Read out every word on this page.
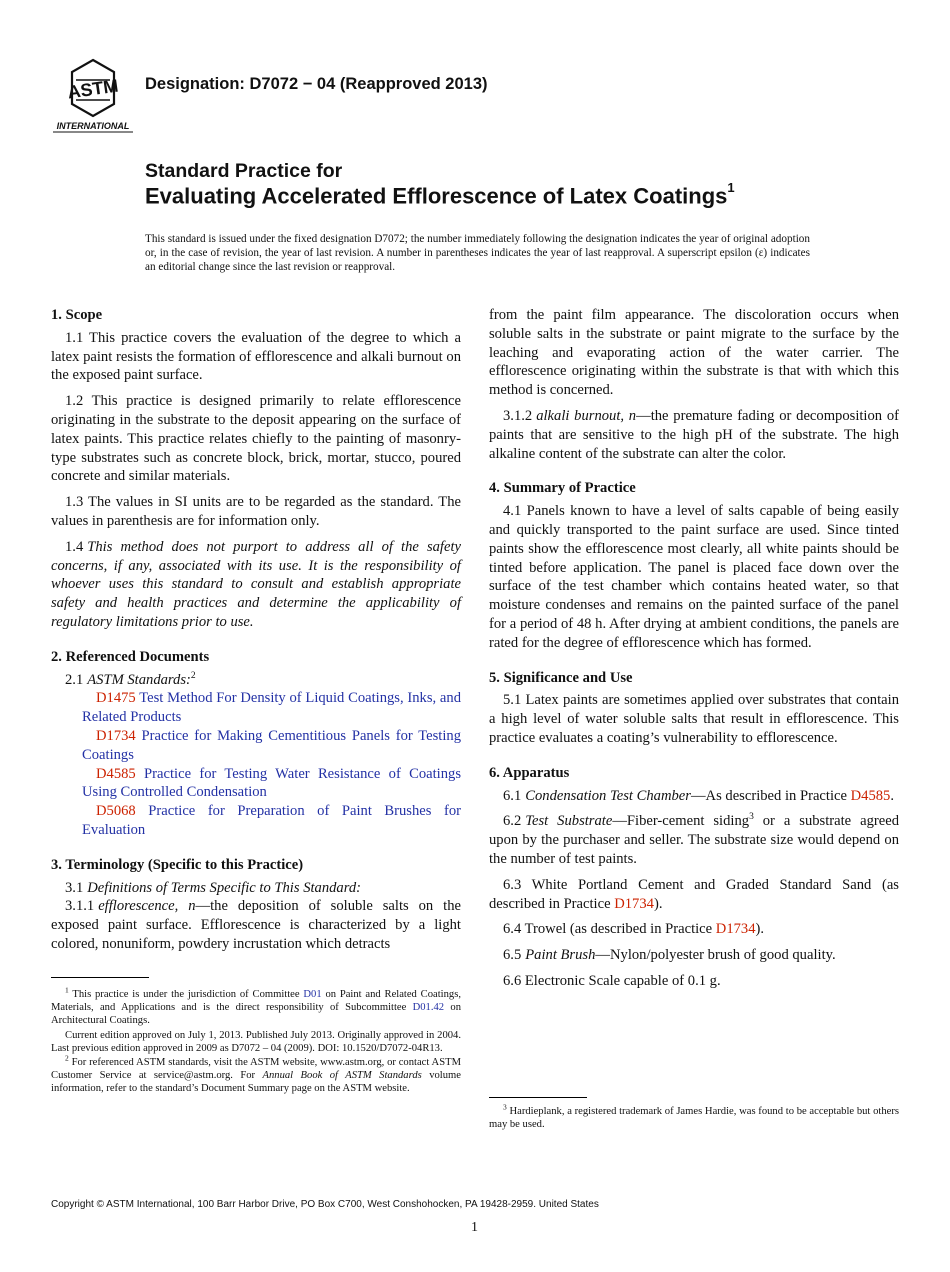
ASTM
INTERNATIONAL
Designation: D7072 − 04 (Reapproved 2013)
Standard Practice for
Evaluating Accelerated Efflorescence of Latex Coatings$^1$
This standard is issued under the fixed designation D7072; the number immediately following the designation indicates the year of original adoption or, in the case of revision, the year of last revision. A number in parentheses indicates the year of last reapproval. A superscript epsilon (ε) indicates an editorial change since the last revision or reapproval.
1. Scope

1.1 This practice covers the evaluation of the degree to which a latex paint resists the formation of efflorescence and alkali burnout on the exposed paint surface.

1.2 This practice is designed primarily to relate efflorescence originating in the substrate to the deposit appearing on the surface of latex paints. This practice relates chiefly to the painting of masonry-type substrates such as concrete block, brick, mortar, stucco, poured concrete and similar materials.

1.3 The values in SI units are to be regarded as the standard. The values in parenthesis are for information only.

1.4 This method does not purport to address all of the safety concerns, if any, associated with its use. It is the responsibility of whoever uses this standard to consult and establish appropriate safety and health practices and determine the applicability of regulatory limitations prior to use.

2. Referenced Documents

2.1 ASTM Standards:$^2$

D1475 Test Method For Density of Liquid Coatings, Inks, and Related Products

D1734 Practice for Making Cementitious Panels for Testing Coatings

D4585 Practice for Testing Water Resistance of Coatings Using Controlled Condensation

D5068 Practice for Preparation of Paint Brushes for Evaluation

3. Terminology (Specific to this Practice)

3.1 Definitions of Terms Specific to This Standard:

3.1.1 efflorescence, n—the deposition of soluble salts on the exposed paint surface. Efflorescence is characterized by a light colored, nonuniform, powdery incrustation which detracts

$^1$ This practice is under the jurisdiction of Committee D01 on Paint and Related Coatings, Materials, and Applications and is the direct responsibility of Subcommittee D01.42 on Architectural Coatings.

Current edition approved on July 1, 2013. Published July 2013. Originally approved in 2004. Last previous edition approved in 2009 as D7072 – 04 (2009). DOI: 10.1520/D7072-04R13.

$^2$ For referenced ASTM standards, visit the ASTM website, www.astm.org, or contact ASTM Customer Service at service@astm.org. For Annual Book of ASTM Standards volume information, refer to the standard’s Document Summary page on the ASTM website.

from the paint film appearance. The discoloration occurs when soluble salts in the substrate or paint migrate to the surface by the leaching and evaporating action of the water carrier. The efflorescence originating within the substrate is that with which this method is concerned.

3.1.2 alkali burnout, n—the premature fading or decomposition of paints that are sensitive to the high pH of the substrate. The high alkaline content of the substrate can alter the color.

4. Summary of Practice

4.1 Panels known to have a level of salts capable of being easily and quickly transported to the paint surface are used. Since tinted paints show the efflorescence most clearly, all white paints should be tinted before application. The panel is placed face down over the surface of the test chamber which contains heated water, so that moisture condenses and remains on the painted surface of the panel for a period of 48 h. After drying at ambient conditions, the panels are rated for the degree of efflorescence which has formed.

5. Significance and Use

5.1 Latex paints are sometimes applied over substrates that contain a high level of water soluble salts that result in efflorescence. This practice evaluates a coating’s vulnerability to efflorescence.

6. Apparatus

6.1 Condensation Test Chamber—As described in Practice D4585.

6.2 Test Substrate—Fiber-cement siding$^3$ or a substrate agreed upon by the purchaser and seller. The substrate size would depend on the number of test paints.

6.3 White Portland Cement and Graded Standard Sand (as described in Practice D1734).

6.4 Trowel (as described in Practice D1734).

6.5 Paint Brush—Nylon/polyester brush of good quality.

6.6 Electronic Scale capable of 0.1 g.

$^3$ Hardieplank, a registered trademark of James Hardie, was found to be acceptable but others may be used.

Copyright © ASTM International, 100 Barr Harbor Drive, PO Box C700, West Conshohocken, PA 19428-2959. United States
1
